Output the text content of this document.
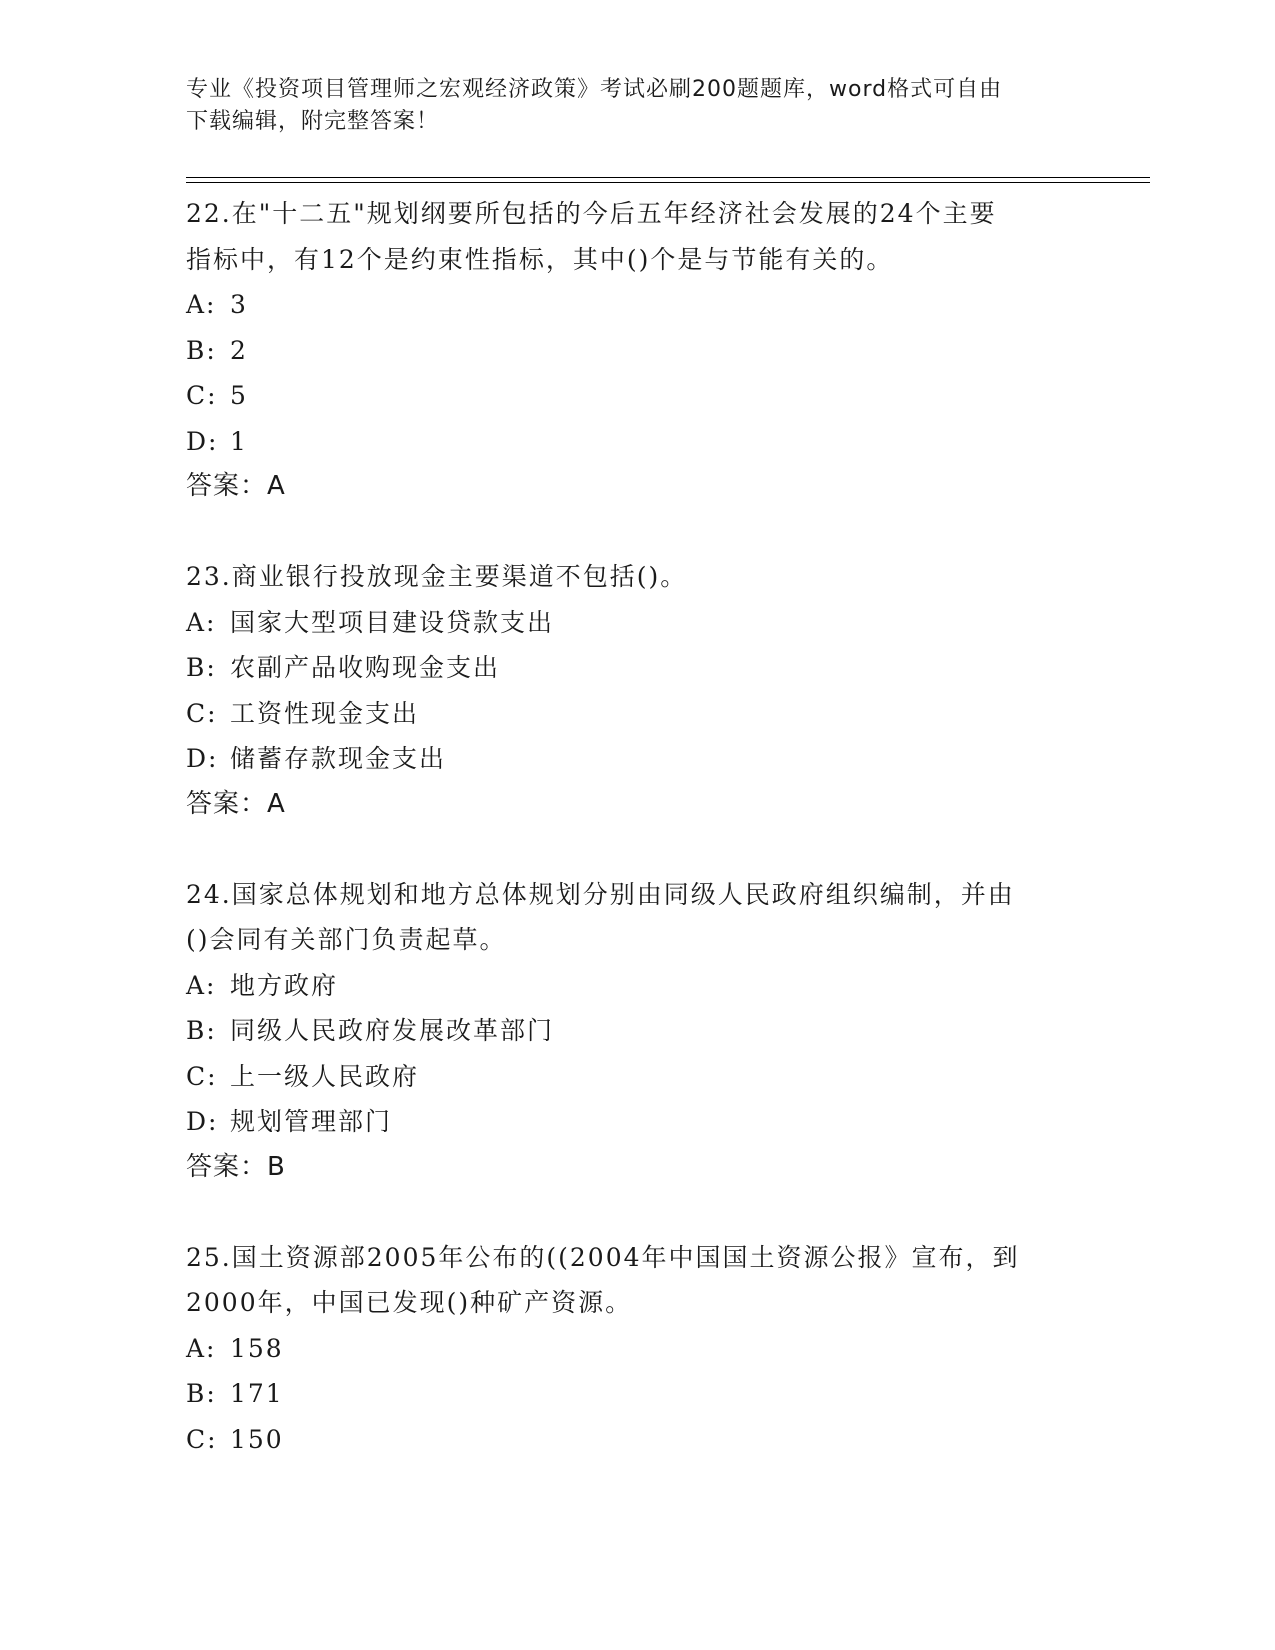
专业《投资项目管理师之宏观经济政策》考试必刷200题题库，word格式可自由
下载编辑，附完整答案！
22.在"十二五"规划纲要所包括的今后五年经济社会发展的24个主要
指标中，有12个是约束性指标，其中()个是与节能有关的。
A: 3
B: 2
C: 5
D: 1
答案：A
23.商业银行投放现金主要渠道不包括()。
A: 国家大型项目建设贷款支出
B: 农副产品收购现金支出
C: 工资性现金支出
D: 储蓄存款现金支出
答案：A
24.国家总体规划和地方总体规划分别由同级人民政府组织编制，并由
()会同有关部门负责起草。
A: 地方政府
B: 同级人民政府发展改革部门
C: 上一级人民政府
D: 规划管理部门
答案：B
25.国土资源部2005年公布的((2004年中国国土资源公报》宣布，到
2000年，中国已发现()种矿产资源。
A: 158
B: 171
C: 150
